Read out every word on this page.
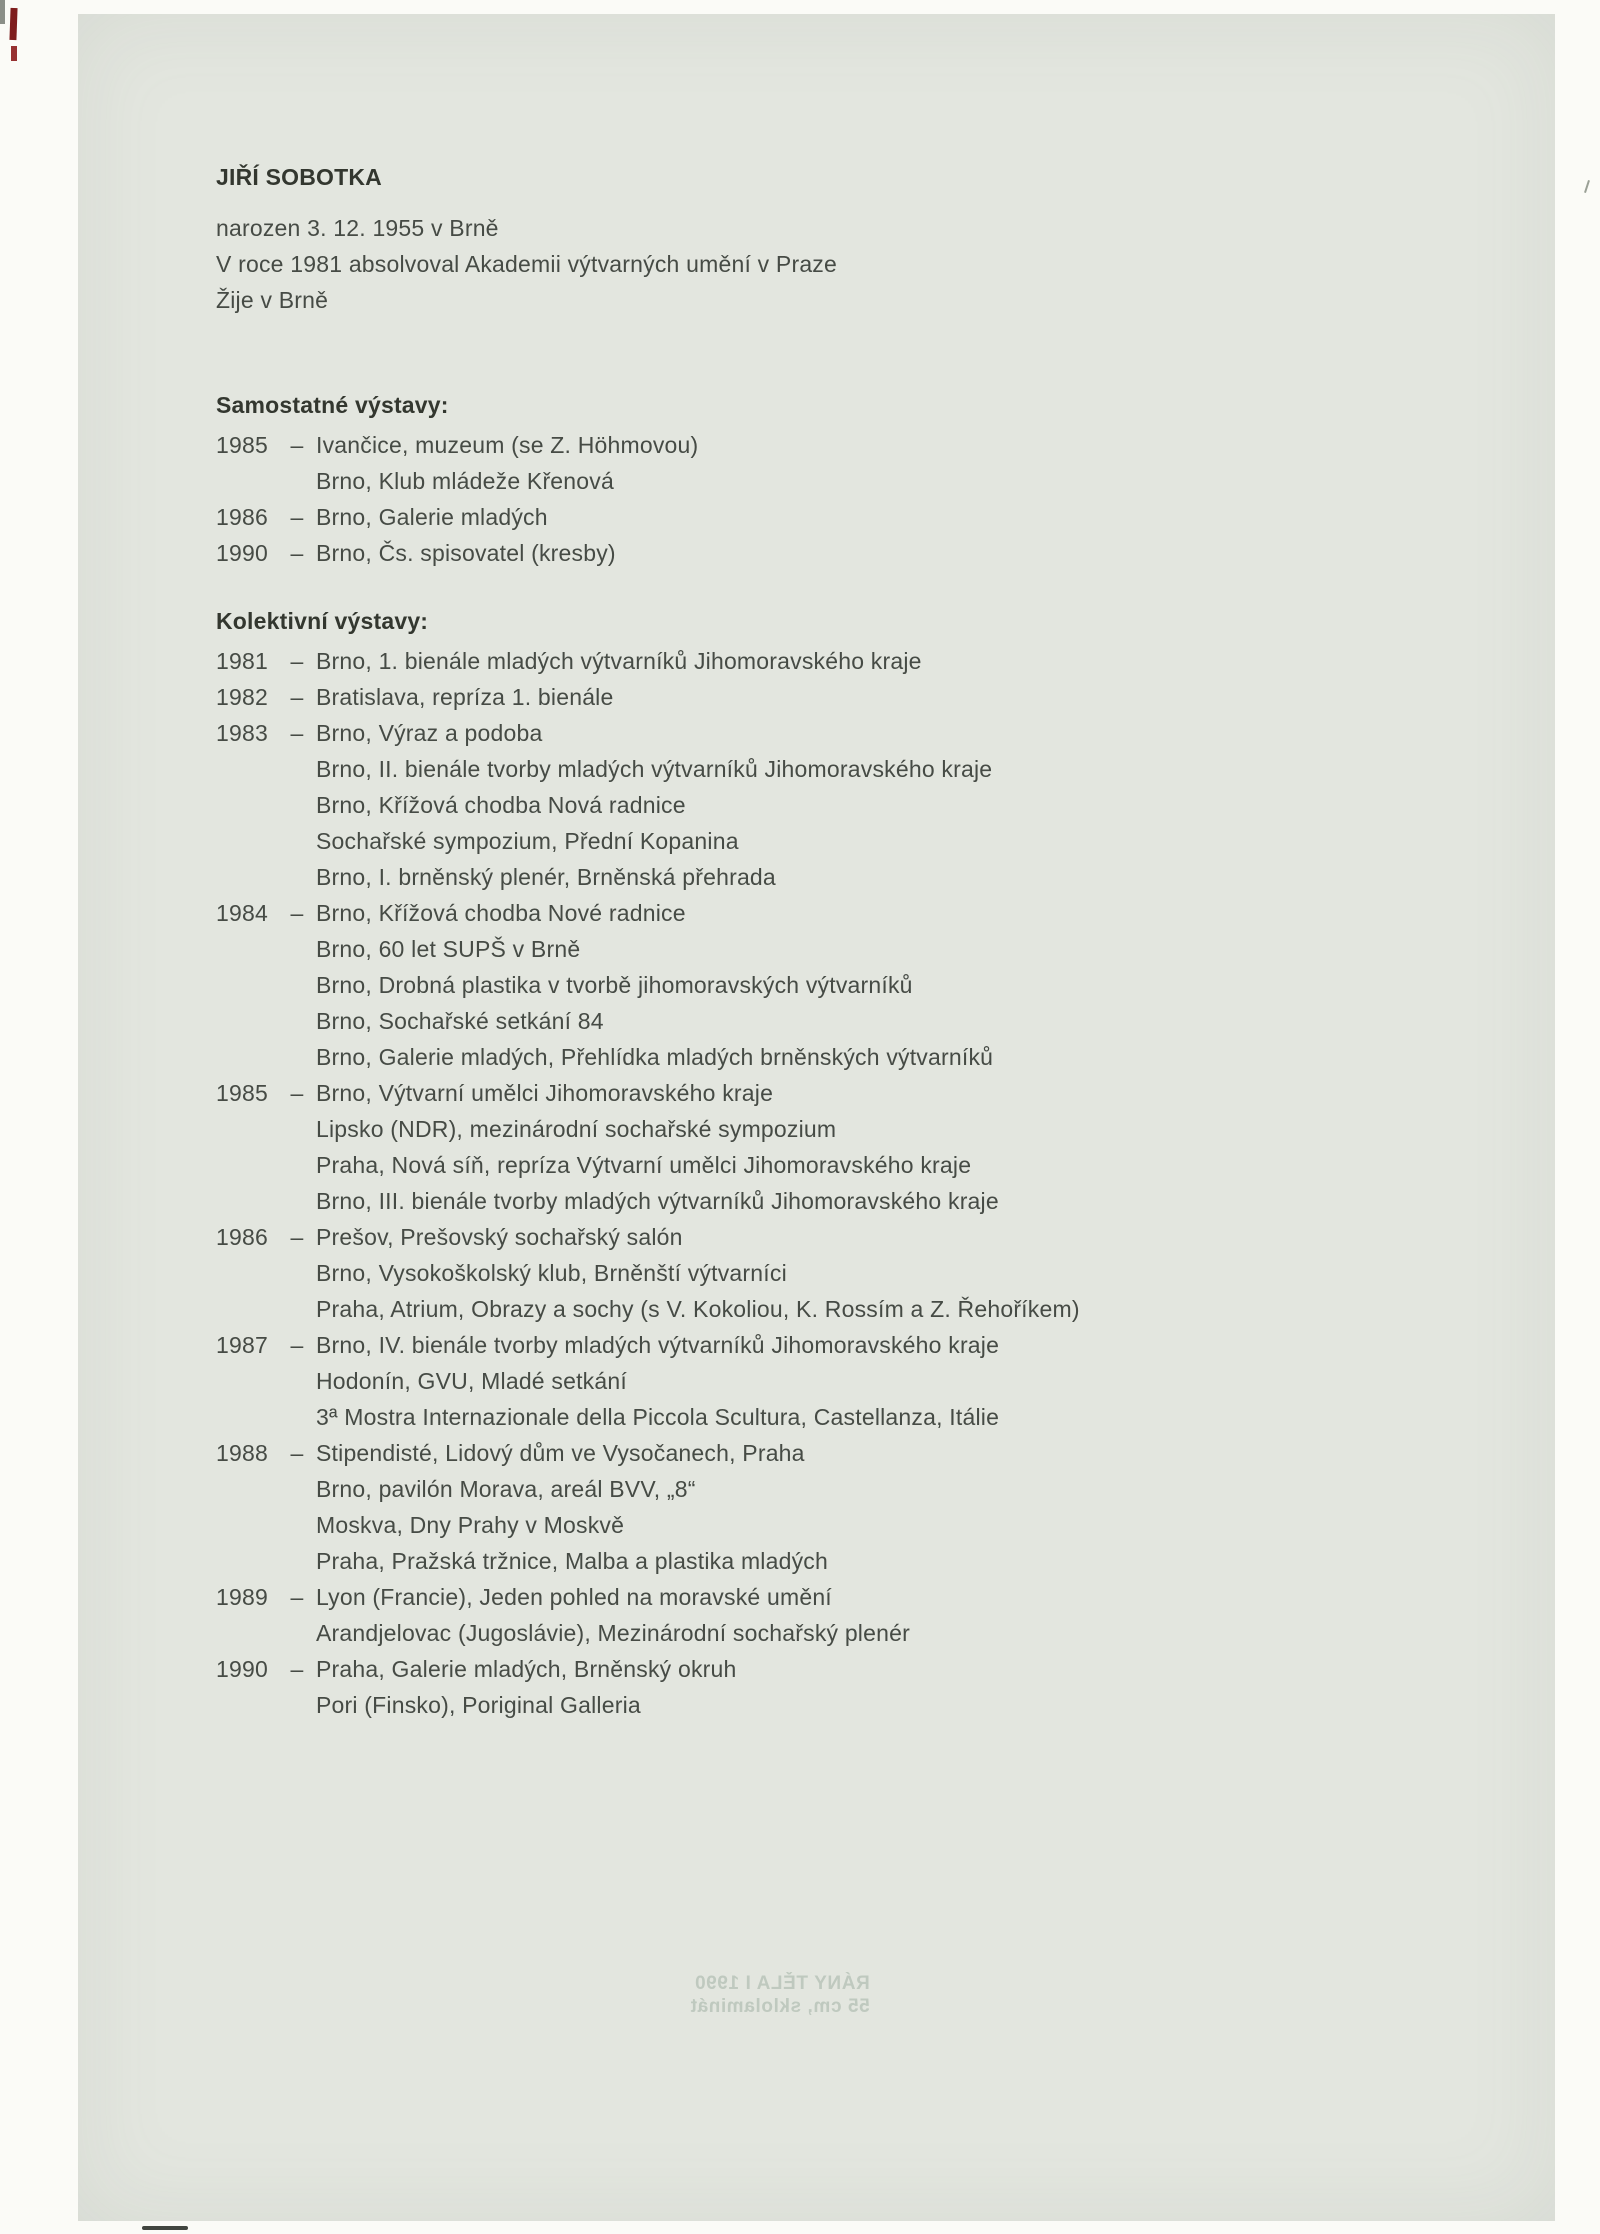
JIŘÍ SOBOTKA
narozen 3. 12. 1955 v Brně
V roce 1981 absolvoval Akademii výtvarných umění v Praze
Žije v Brně
Samostatné výstavy:
1985 – Ivančice, muzeum (se Z. Höhmovou)
Brno, Klub mládeže Křenová
1986 – Brno, Galerie mladých
1990 – Brno, Čs. spisovatel (kresby)
Kolektivní výstavy:
1981 – Brno, 1. bienále mladých výtvarníků Jihomoravského kraje
1982 – Bratislava, repríza 1. bienále
1983 – Brno, Výraz a podoba
Brno, II. bienále tvorby mladých výtvarníků Jihomoravského kraje
Brno, Křížová chodba Nová radnice
Sochařské sympozium, Přední Kopanina
Brno, I. brněnský plenér, Brněnská přehrada
1984 – Brno, Křížová chodba Nové radnice
Brno, 60 let SUPŠ v Brně
Brno, Drobná plastika v tvorbě jihomoravských výtvarníků
Brno, Sochařské setkání 84
Brno, Galerie mladých, Přehlídka mladých brněnských výtvarníků
1985 – Brno, Výtvarní umělci Jihomoravského kraje
Lipsko (NDR), mezinárodní sochařské sympozium
Praha, Nová síň, repríza Výtvarní umělci Jihomoravského kraje
Brno, III. bienále tvorby mladých výtvarníků Jihomoravského kraje
1986 – Prešov, Prešovský sochařský salón
Brno, Vysokoškolský klub, Brněnští výtvarníci
Praha, Atrium, Obrazy a sochy (s V. Kokoliou, K. Rossím a Z. Řehoříkem)
1987 – Brno, IV. bienále tvorby mladých výtvarníků Jihomoravského kraje
Hodonín, GVU, Mladé setkání
3ª Mostra Internazionale della Piccola Scultura, Castellanza, Itálie
1988 – Stipendisté, Lidový dům ve Vysočanech, Praha
Brno, pavilón Morava, areál BVV, „8“
Moskva, Dny Prahy v Moskvě
Praha, Pražská tržnice, Malba a plastika mladých
1989 – Lyon (Francie), Jeden pohled na moravské umění
Arandjelovac (Jugoslávie), Mezinárodní sochařský plenér
1990 – Praha, Galerie mladých, Brněnský okruh
Pori (Finsko), Poriginal Galleria
RÁNY TĚLA I 1990
55 cm, sklolaminát
